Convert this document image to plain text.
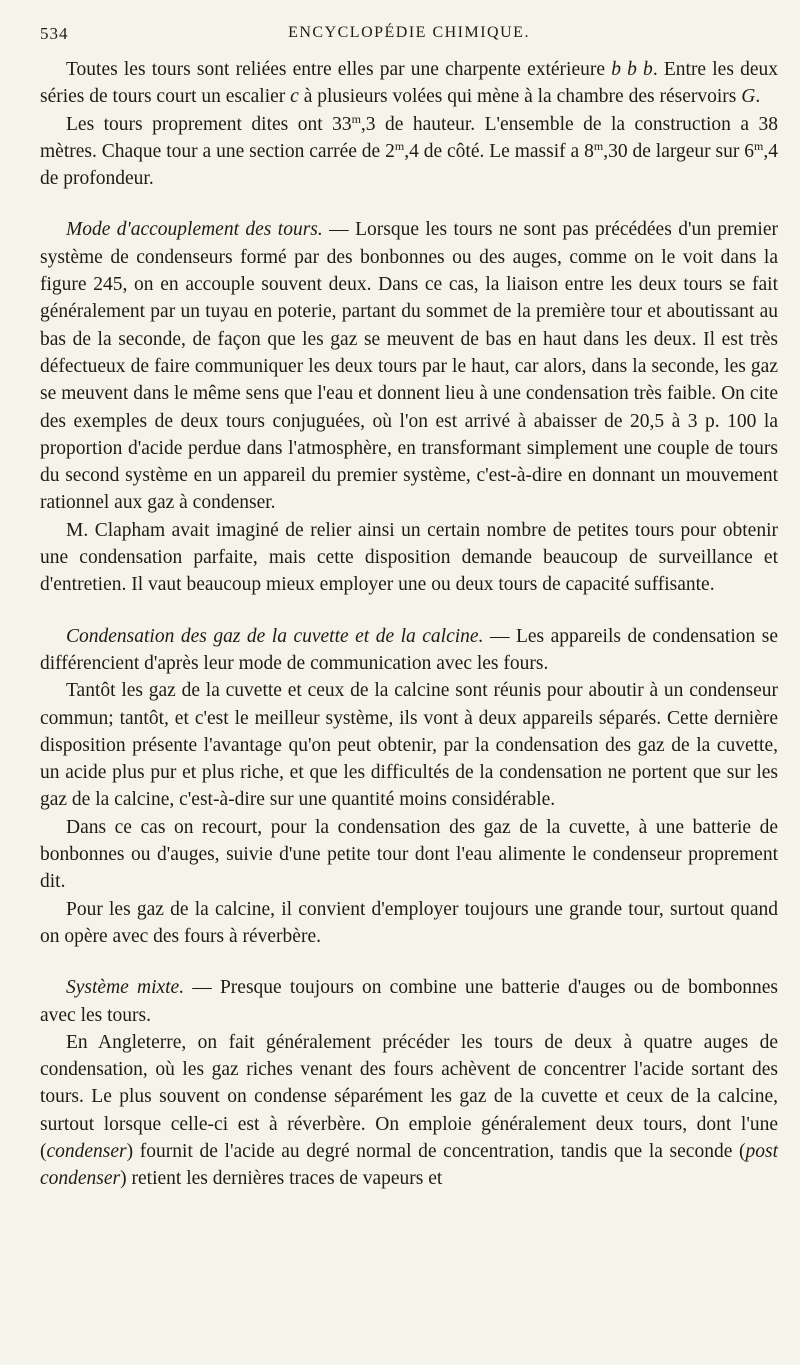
534	ENCYCLOPÉDIE CHIMIQUE.

Toutes les tours sont reliées entre elles par une charpente extérieure b b b. Entre les deux séries de tours court un escalier c à plusieurs volées qui mène à la chambre des réservoirs G.

Les tours proprement dites ont 33$^m$,3 de hauteur. L'ensemble de la construction a 38 mètres. Chaque tour a une section carrée de 2$^m$,4 de côté. Le massif a 8$^m$,30 de largeur sur 6$^m$,4 de profondeur.

Mode d'accouplement des tours. — Lorsque les tours ne sont pas précédées d'un premier système de condenseurs formé par des bonbonnes ou des auges, comme on le voit dans la figure 245, on en accouple souvent deux. Dans ce cas, la liaison entre les deux tours se fait généralement par un tuyau en poterie, partant du sommet de la première tour et aboutissant au bas de la seconde, de façon que les gaz se meuvent de bas en haut dans les deux. Il est très défectueux de faire communiquer les deux tours par le haut, car alors, dans la seconde, les gaz se meuvent dans le même sens que l'eau et donnent lieu à une condensation très faible. On cite des exemples de deux tours conjuguées, où l'on est arrivé à abaisser de 20,5 à 3 p. 100 la proportion d'acide perdue dans l'atmosphère, en transformant simplement une couple de tours du second système en un appareil du premier système, c'est-à-dire en donnant un mouvement rationnel aux gaz à condenser.

M. Clapham avait imaginé de relier ainsi un certain nombre de petites tours pour obtenir une condensation parfaite, mais cette disposition demande beaucoup de surveillance et d'entretien. Il vaut beaucoup mieux employer une ou deux tours de capacité suffisante.

Condensation des gaz de la cuvette et de la calcine. — Les appareils de condensation se différencient d'après leur mode de communication avec les fours.

Tantôt les gaz de la cuvette et ceux de la calcine sont réunis pour aboutir à un condenseur commun; tantôt, et c'est le meilleur système, ils vont à deux appareils séparés. Cette dernière disposition présente l'avantage qu'on peut obtenir, par la condensation des gaz de la cuvette, un acide plus pur et plus riche, et que les difficultés de la condensation ne portent que sur les gaz de la calcine, c'est-à-dire sur une quantité moins considérable.

Dans ce cas on recourt, pour la condensation des gaz de la cuvette, à une batterie de bonbonnes ou d'auges, suivie d'une petite tour dont l'eau alimente le condenseur proprement dit.

Pour les gaz de la calcine, il convient d'employer toujours une grande tour, surtout quand on opère avec des fours à réverbère.

Système mixte. — Presque toujours on combine une batterie d'auges ou de bombonnes avec les tours.

En Angleterre, on fait généralement précéder les tours de deux à quatre auges de condensation, où les gaz riches venant des fours achèvent de concentrer l'acide sortant des tours. Le plus souvent on condense séparément les gaz de la cuvette et ceux de la calcine, surtout lorsque celle-ci est à réverbère. On emploie généralement deux tours, dont l'une (condenser) fournit de l'acide au degré normal de concentration, tandis que la seconde (post condenser) retient les dernières traces de vapeurs et
